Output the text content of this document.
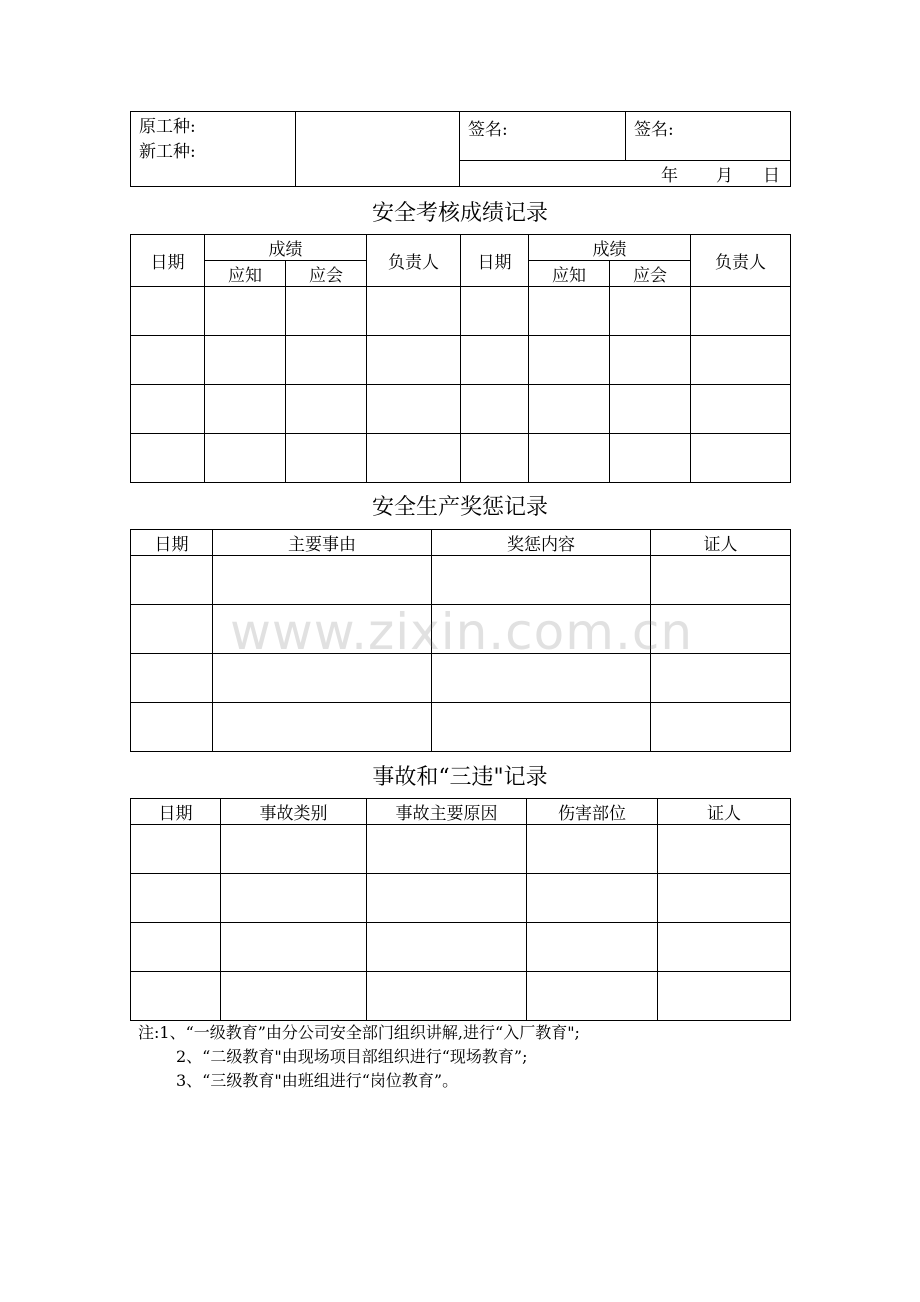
原工种:
新工种:
		签名:	签名:
年 月 日
安全考核成绩记录
日期	成绩		负责人	日期	成绩		负责人
	应知	应会			应知	应会	

安全生产奖惩记录
日期	主要事由	奖惩内容	证人

事故和“三违"记录
日期	事故类别	事故主要原因	伤害部位	证人

注:1、“一级教育”由分公司安全部门组织讲解,进行“入厂教育";
2、“二级教育"由现场项目部组织进行“现场教育”;
3、“三级教育"由班组进行“岗位教育”。
www.zixin.com.cn
